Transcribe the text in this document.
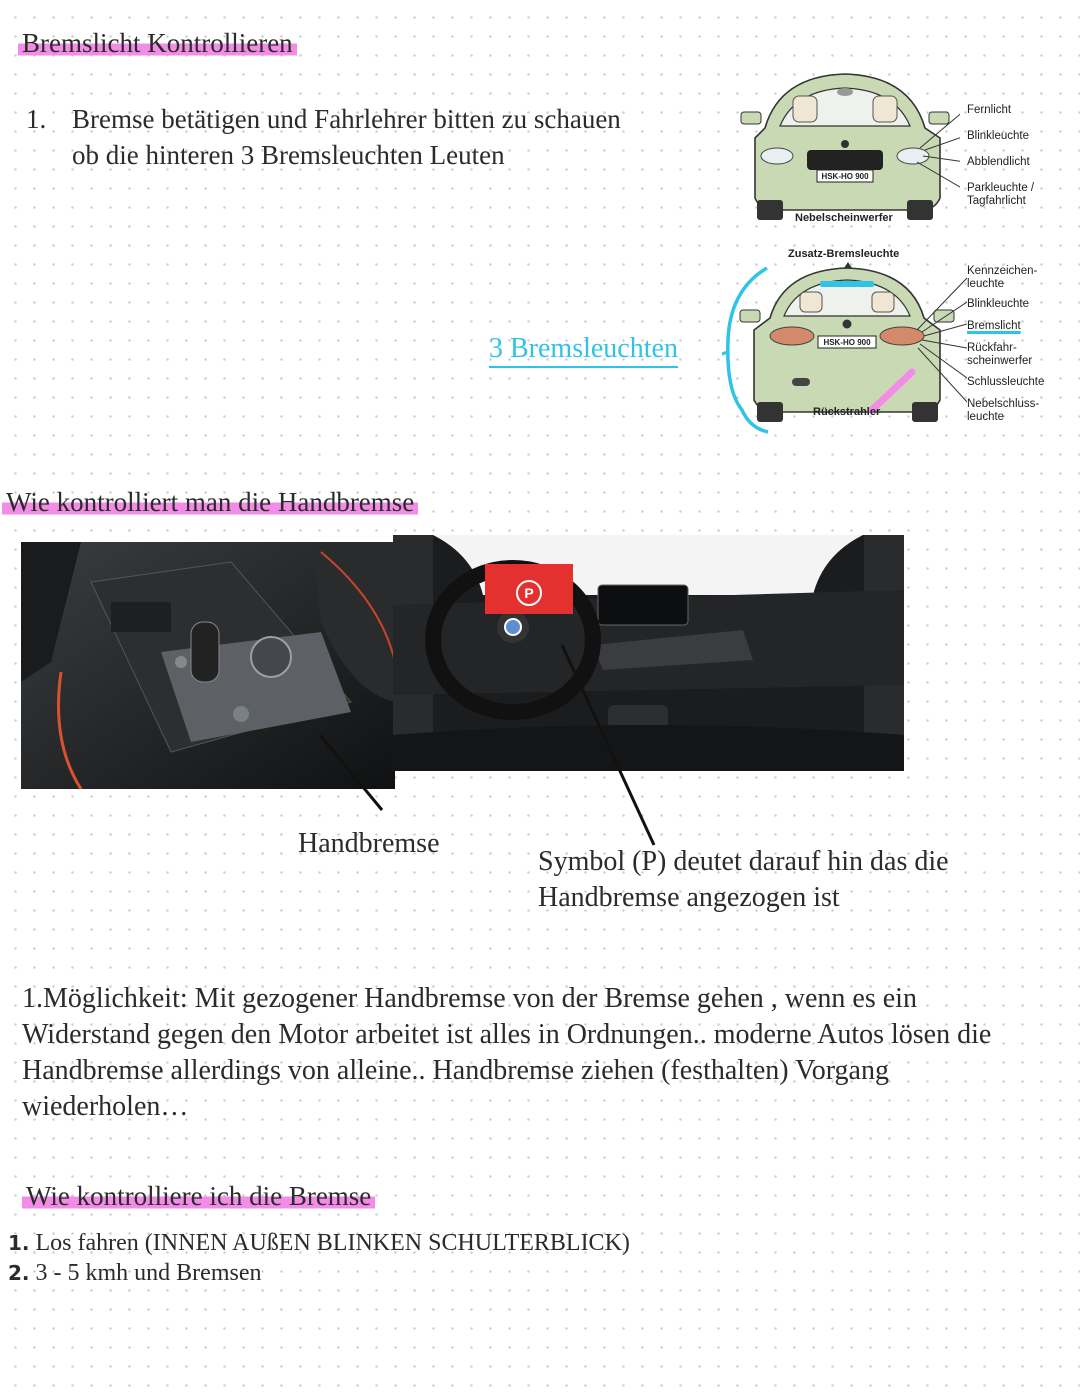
Bremslicht Kontrollieren
1. Bremse betätigen und Fahrlehrer bitten zu schauen ob die hinteren 3 Bremsleuchten Leuten
3 Bremsleuchten
HSK-HO 900
Fernlicht
Blinkleuchte
Abblendlicht
Parkleuchte /
Tagfahrlicht
Nebelscheinwerfer
Zusatz-Bremsleuchte
HSK-HO 900
Kennzeichen-
leuchte
Blinkleuchte
Bremslicht
Rückfahr-
scheinwerfer
Schlussleuchte
Nebelschluss-
leuchte
Rückstrahler
Wie kontrolliert man die Handbremse
P
Handbremse
Symbol (P) deutet darauf hin das die Handbremse angezogen ist
1.Möglichkeit: Mit gezogener Handbremse von der Bremse gehen , wenn es ein Widerstand gegen den Motor arbeitet ist alles in Ordnungen.. moderne Autos lösen die Handbremse allerdings von alleine.. Handbremse ziehen (festhalten) Vorgang wiederholen…
Wie kontrolliere ich die Bremse
1. Los fahren (INNEN AUßEN BLINKEN SCHULTERBLICK)
2. 3 - 5 kmh und Bremsen
